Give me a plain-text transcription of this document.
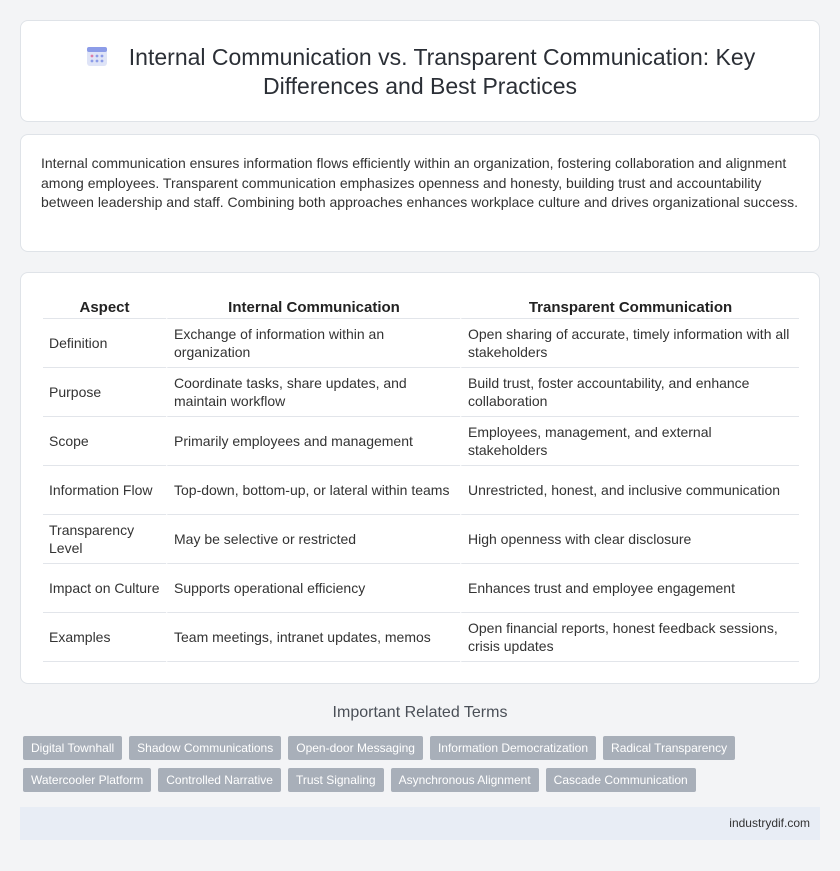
Internal Communication vs. Transparent Communication: Key Differences and Best Practices

Internal communication ensures information flows efficiently within an organization, fostering collaboration and alignment among employees. Transparent communication emphasizes openness and honesty, building trust and accountability between leadership and staff. Combining both approaches enhances workplace culture and drives organizational success.

Aspect	Internal Communication	Transparent Communication
Definition	Exchange of information within an organization	Open sharing of accurate, timely information with all stakeholders
Purpose	Coordinate tasks, share updates, and maintain workflow	Build trust, foster accountability, and enhance collaboration
Scope	Primarily employees and management	Employees, management, and external stakeholders
Information Flow	Top-down, bottom-up, or lateral within teams	Unrestricted, honest, and inclusive communication
Transparency Level	May be selective or restricted	High openness with clear disclosure
Impact on Culture	Supports operational efficiency	Enhances trust and employee engagement
Examples	Team meetings, intranet updates, memos	Open financial reports, honest feedback sessions, crisis updates
Important Related Terms
Digital Townhall	Shadow Communications	Open-door Messaging	Information Democratization	Radical Transparency
Watercooler Platform	Controlled Narrative	Trust Signaling	Asynchronous Alignment	Cascade Communication
industrydif.com
